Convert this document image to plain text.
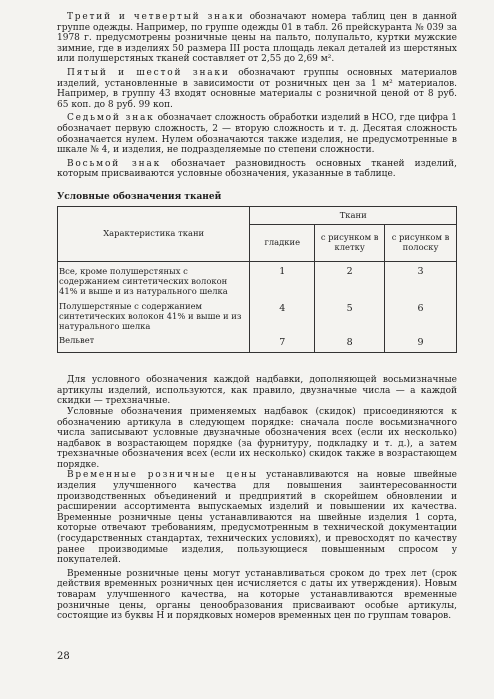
Третий и четвертый знаки обозначают номера таблиц цен в данной группе одежды. Например, по группе одежды 01 в табл. 26 прейскуранта № 039 за 1978 г. предусмотрены розничные цены на пальто, полупальто, куртки мужские зимние, где в изделиях 50 размера III роста площадь лекал деталей из шерстяных или полушерстяных тканей составляет от 2,55 до 2,69 м².

Пятый и шестой знаки обозначают группы основных материалов изделий, установленные в зависимости от розничных цен за 1 м² материалов. Например, в группу 43 входят основные материалы с розничной ценой от 8 руб. 65 коп. до 8 руб. 99 коп.

Седьмой знак обозначает сложность обработки изделий в НСО, где цифра 1 обозначает первую сложность, 2 — вторую сложность и т. д. Десятая сложность обозначается нулем. Нулем обозначаются также изделия, не предусмотренные в шкале № 4, и изделия, не подразделяемые по степени сложности.

Восьмой знак обозначает разновидность основных тканей изделий, которым присваиваются условные обозначения, указанные в таблице.

Условные обозначения тканей
Характеристика ткани	Ткани		
	гладкие	с рисунком в клетку	с рисунком в полоску
Все, кроме полушерстяных с содержанием синтетических волокон 41% и выше и из натурального шелка	1	2	3
Полушерстяные с содержанием синтетических волокон 41% и выше и из натурального шелка	4	5	6
Вельвет	7	8	9

Для условного обозначения каждой надбавки, дополняющей восьмизначные артикулы изделий, используются, как правило, двузначные числа — а каждой скидки — трехзначные.

Условные обозначения применяемых надбавок (скидок) присоединяются к обозначению артикула в следующем порядке: сначала после восьмизначного числа записывают условные двузначные обозначения всех (если их несколько) надбавок в возрастающем порядке (за фурнитуру, подкладку и т. д.), а затем трехзначные обозначения всех (если их несколько) скидок также в возрастающем порядке.

Временные розничные цены устанавливаются на новые швейные изделия улучшенного качества для повышения заинтересованности производственных объединений и предприятий в скорейшем обновлении и расширении ассортимента выпускаемых изделий и повышении их качества. Временные розничные цены устанавливаются на швейные изделия 1 сорта, которые отвечают требованиям, предусмотренным в технической документации (государственных стандартах, технических условиях), и превосходят по качеству ранее производимые изделия, пользующиеся повышенным спросом у покупателей.

Временные розничные цены могут устанавливаться сроком до трех лет (срок действия временных розничных цен исчисляется с даты их утверждения). Новым товарам улучшенного качества, на которые устанавливаются временные розничные цены, органы ценообразования присваивают особые артикулы, состоящие из буквы Н и порядковых номеров временных цен по группам товаров.

28
